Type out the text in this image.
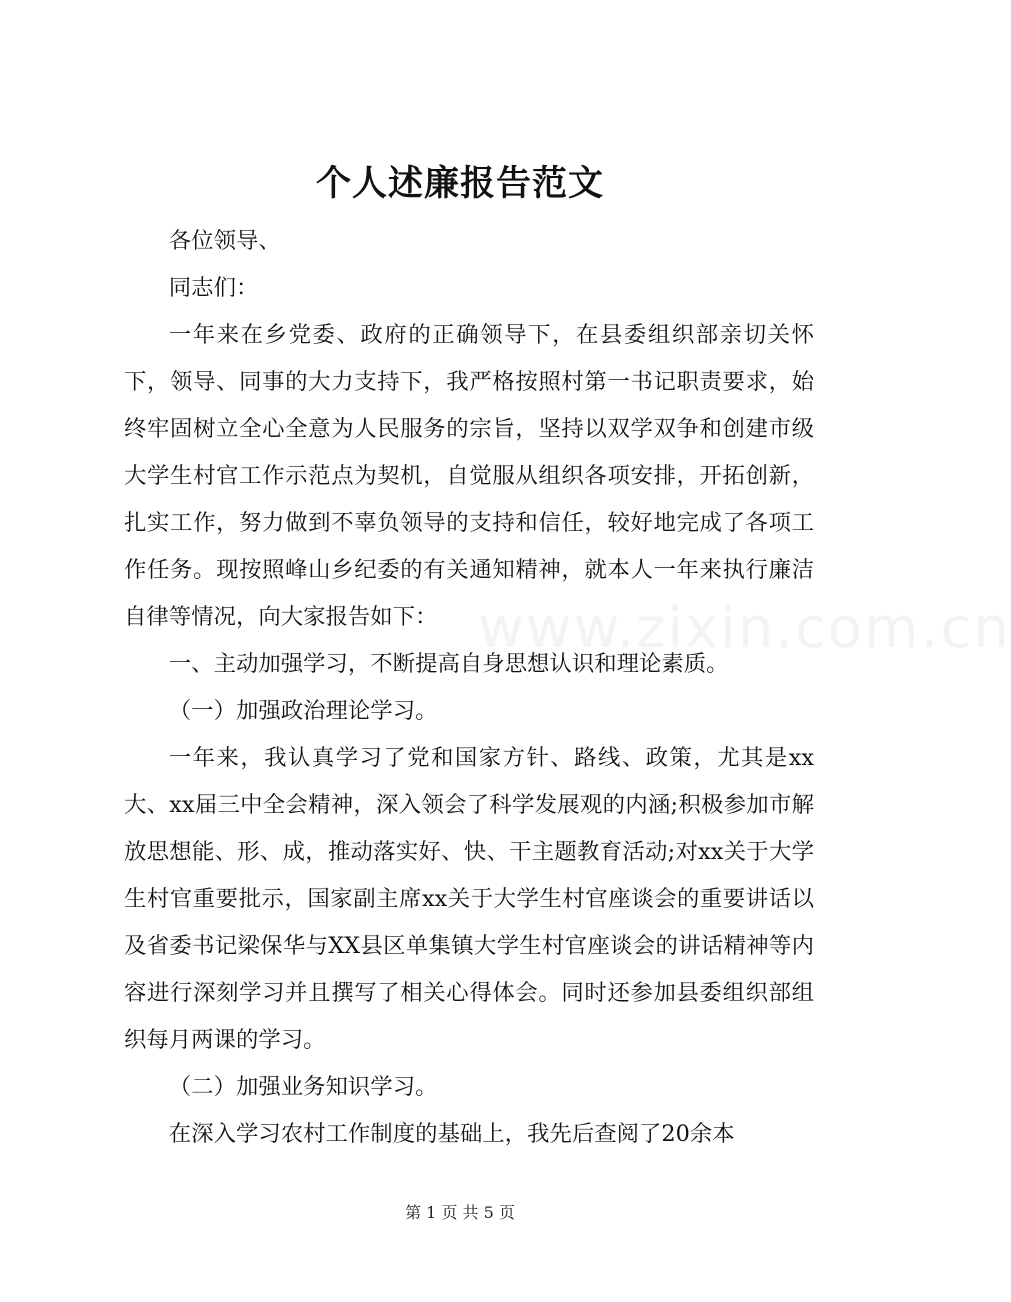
个人述廉报告范文

各位领导、

同志们：

一年来在乡党委、政府的正确领导下，在县委组织部亲切关怀下，领导、同事的大力支持下，我严格按照村第一书记职责要求，始终牢固树立全心全意为人民服务的宗旨，坚持以双学双争和创建市级大学生村官工作示范点为契机，自觉服从组织各项安排，开拓创新，扎实工作，努力做到不辜负领导的支持和信任，较好地完成了各项工作任务。现按照峰山乡纪委的有关通知精神，就本人一年来执行廉洁自律等情况，向大家报告如下：

一、主动加强学习，不断提高自身思想认识和理论素质。

（一）加强政治理论学习。

一年来，我认真学习了党和国家方针、路线、政策，尤其是xx大、xx届三中全会精神，深入领会了科学发展观的内涵;积极参加市解放思想能、形、成，推动落实好、快、干主题教育活动;对xx关于大学生村官重要批示，国家副主席xx关于大学生村官座谈会的重要讲话以及省委书记梁保华与XX县区单集镇大学生村官座谈会的讲话精神等内容进行深刻学习并且撰写了相关心得体会。同时还参加县委组织部组织每月两课的学习。

（二）加强业务知识学习。

在深入学习农村工作制度的基础上，我先后查阅了20余本

www.zixin.com.cn
第 1 页 共 5 页
